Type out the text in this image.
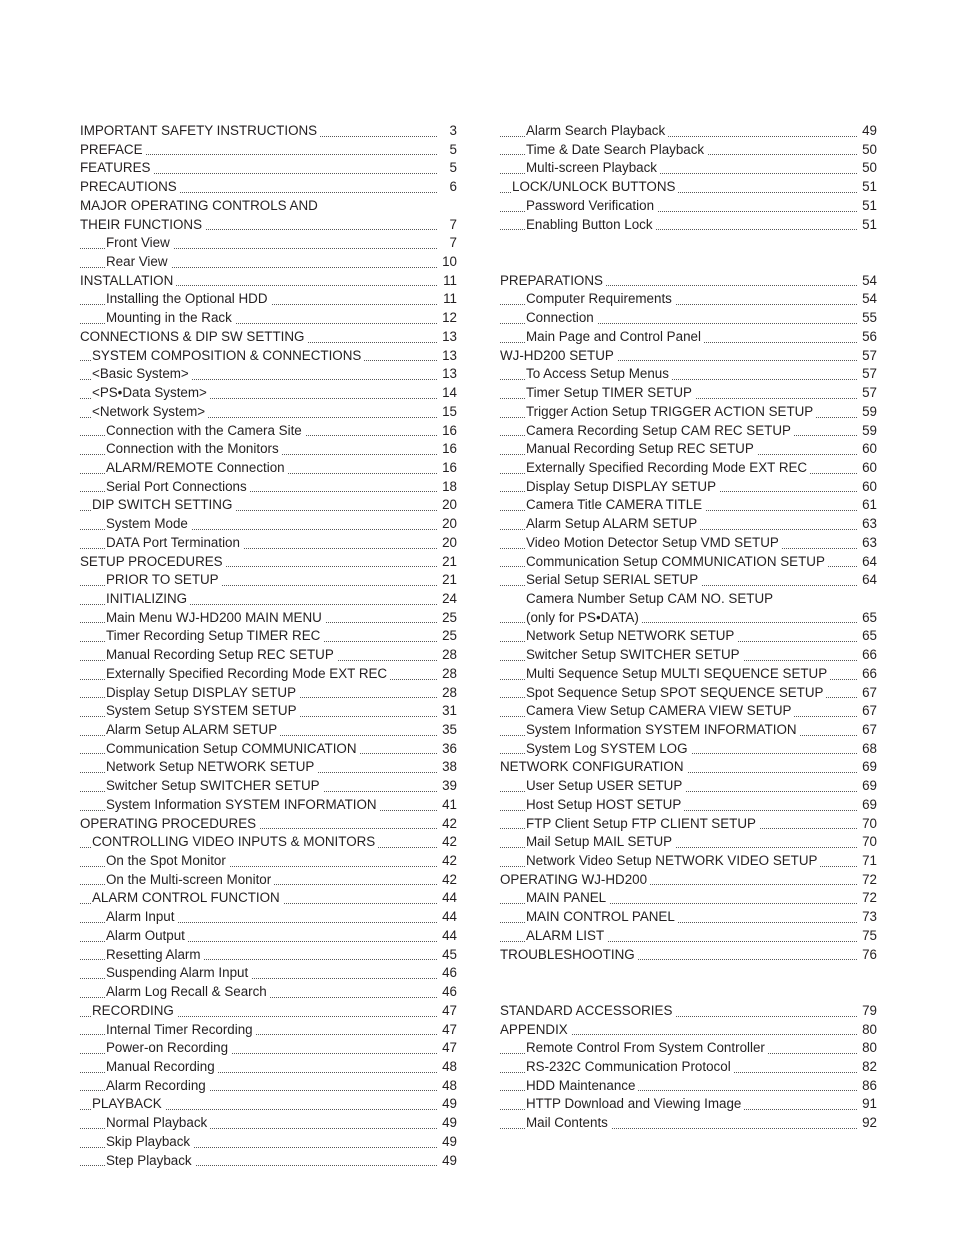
IMPORTANT SAFETY INSTRUCTIONS	3
PREFACE	5
FEATURES	5
PRECAUTIONS	6
MAJOR OPERATING CONTROLS AND
THEIR FUNCTIONS	7
Front View	7
Rear View	10
INSTALLATION	11
Installing the Optional HDD	11
Mounting in the Rack	12
CONNECTIONS & DIP SW SETTING	13
SYSTEM COMPOSITION & CONNECTIONS	13
<Basic System>	13
<PS•Data System>	14
<Network System>	15
Connection with the Camera Site	16
Connection with the Monitors	16
ALARM/REMOTE Connection	16
Serial Port Connections	18
DIP SWITCH SETTING	20
System Mode	20
DATA Port Termination	20
SETUP PROCEDURES	21
PRIOR TO SETUP	21
INITIALIZING	24
Main Menu WJ-HD200 MAIN MENU	25
Timer Recording Setup TIMER REC	25
Manual Recording Setup REC SETUP	28
Externally Specified Recording Mode EXT REC	28
Display Setup DISPLAY SETUP	28
System Setup SYSTEM SETUP	31
Alarm Setup ALARM SETUP	35
Communication Setup COMMUNICATION	36
Network Setup NETWORK SETUP	38
Switcher Setup SWITCHER SETUP	39
System Information SYSTEM INFORMATION	41
OPERATING PROCEDURES	42
CONTROLLING VIDEO INPUTS & MONITORS	42
On the Spot Monitor	42
On the Multi-screen Monitor	42
ALARM CONTROL FUNCTION	44
Alarm Input	44
Alarm Output	44
Resetting Alarm	45
Suspending Alarm Input	46
Alarm Log Recall & Search	46
RECORDING	47
Internal Timer Recording	47
Power-on Recording	47
Manual Recording	48
Alarm Recording	48
PLAYBACK	49
Normal Playback	49
Skip Playback	49
Step Playback	49
Alarm Search Playback	49
Time & Date Search Playback	50
Multi-screen Playback	50
LOCK/UNLOCK BUTTONS	51
Password Verification	51
Enabling Button Lock	51
PREPARATIONS	54
Computer Requirements	54
Connection	55
Main Page and Control Panel	56
WJ-HD200 SETUP	57
To Access Setup Menus	57
Timer Setup TIMER SETUP	57
Trigger Action Setup TRIGGER ACTION SETUP	59
Camera Recording Setup CAM REC SETUP	59
Manual Recording Setup REC SETUP	60
Externally Specified Recording Mode EXT REC	60
Display Setup DISPLAY SETUP	60
Camera Title CAMERA TITLE	61
Alarm Setup ALARM SETUP	63
Video Motion Detector Setup VMD SETUP	63
Communication Setup COMMUNICATION SETUP	64
Serial Setup SERIAL SETUP	64
Camera Number Setup CAM NO. SETUP
(only for PS•DATA)	65
Network Setup NETWORK SETUP	65
Switcher Setup SWITCHER SETUP	66
Multi Sequence Setup MULTI SEQUENCE SETUP	66
Spot Sequence Setup SPOT SEQUENCE SETUP	67
Camera View Setup CAMERA VIEW SETUP	67
System Information SYSTEM INFORMATION	67
System Log SYSTEM LOG	68
NETWORK CONFIGURATION	69
User Setup USER SETUP	69
Host Setup HOST SETUP	69
FTP Client Setup FTP CLIENT SETUP	70
Mail Setup MAIL SETUP	70
Network Video Setup NETWORK VIDEO SETUP	71
OPERATING WJ-HD200	72
MAIN PANEL	72
MAIN CONTROL PANEL	73
ALARM LIST	75
TROUBLESHOOTING	76
STANDARD ACCESSORIES	79
APPENDIX	80
Remote Control From System Controller	80
RS-232C Communication Protocol	82
HDD Maintenance	86
HTTP Download and Viewing Image	91
Mail Contents	92
